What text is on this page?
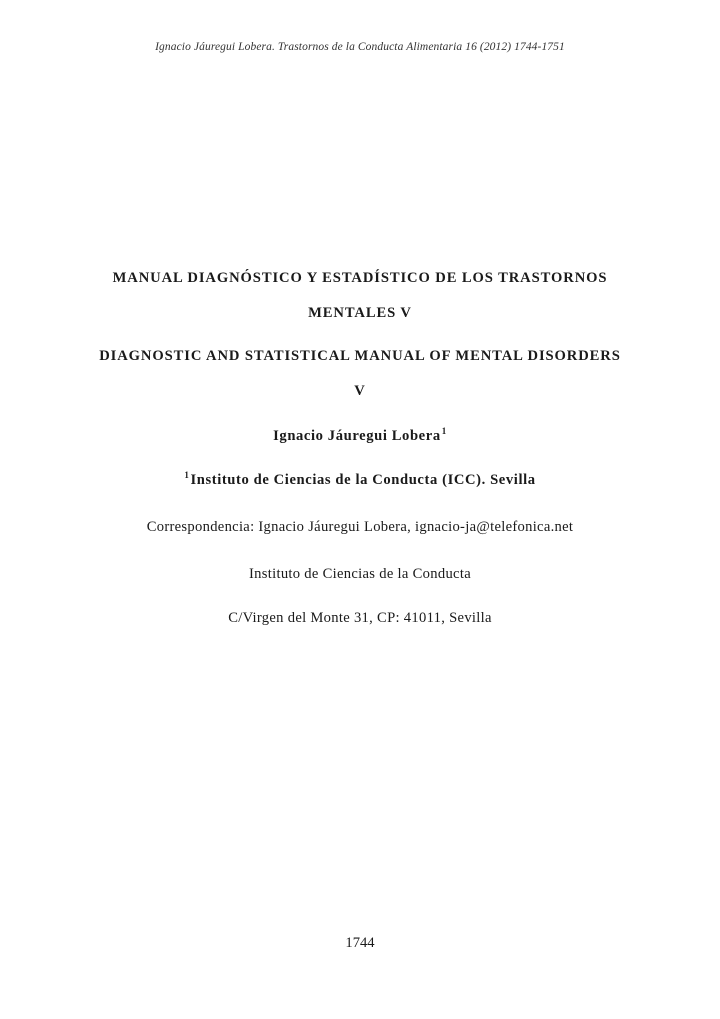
Ignacio Jáuregui Lobera. Trastornos de la Conducta Alimentaria 16 (2012) 1744-1751

MANUAL DIAGNÓSTICO Y ESTADÍSTICO DE LOS TRASTORNOS
MENTALES V
DIAGNOSTIC AND STATISTICAL MANUAL OF MENTAL DISORDERS
V

Ignacio Jáuregui Lobera$^1$

$^1$Instituto de Ciencias de la Conducta (ICC). Sevilla

Correspondencia: Ignacio Jáuregui Lobera, ignacio-ja@telefonica.net

Instituto de Ciencias de la Conducta

C/Virgen del Monte 31, CP: 41011, Sevilla

1744
